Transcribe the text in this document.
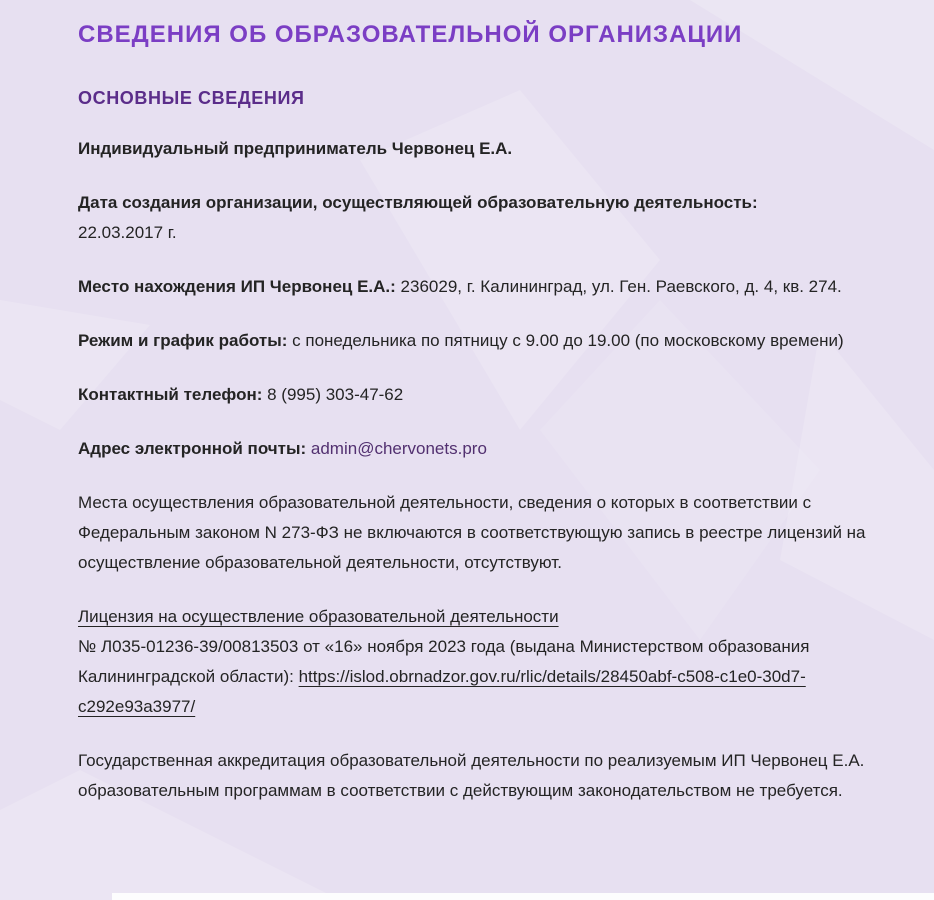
СВЕДЕНИЯ ОБ ОБРАЗОВАТЕЛЬНОЙ ОРГАНИЗАЦИИ
ОСНОВНЫЕ СВЕДЕНИЯ

Индивидуальный предприниматель Червонец Е.А.

Дата создания организации, осуществляющей образовательную деятельность:
22.03.2017 г.

Место нахождения ИП Червонец Е.А.: 236029, г. Калининград, ул. Ген. Раевского, д. 4, кв. 274.

Режим и график работы: с понедельника по пятницу с 9.00 до 19.00 (по московскому времени)

Контактный телефон: 8 (995) 303-47-62

Адрес электронной почты: admin@chervonets.pro

Места осуществления образовательной деятельности, сведения о которых в соответствии с Федеральным законом N 273-ФЗ не включаются в соответствующую запись в реестре лицензий на осуществление образовательной деятельности, отсутствуют.

Лицензия на осуществление образовательной деятельности
№ Л035-01236-39/00813503 от «16» ноября 2023 года (выдана Министерством образования Калининградской области): https://islod.obrnadzor.gov.ru/rlic/details/28450abf-c508-c1e0-30d7-c292e93a3977/

Государственная аккредитация образовательной деятельности по реализуемым ИП Червонец Е.А. образовательным программам в соответствии с действующим законодательством не требуется.
